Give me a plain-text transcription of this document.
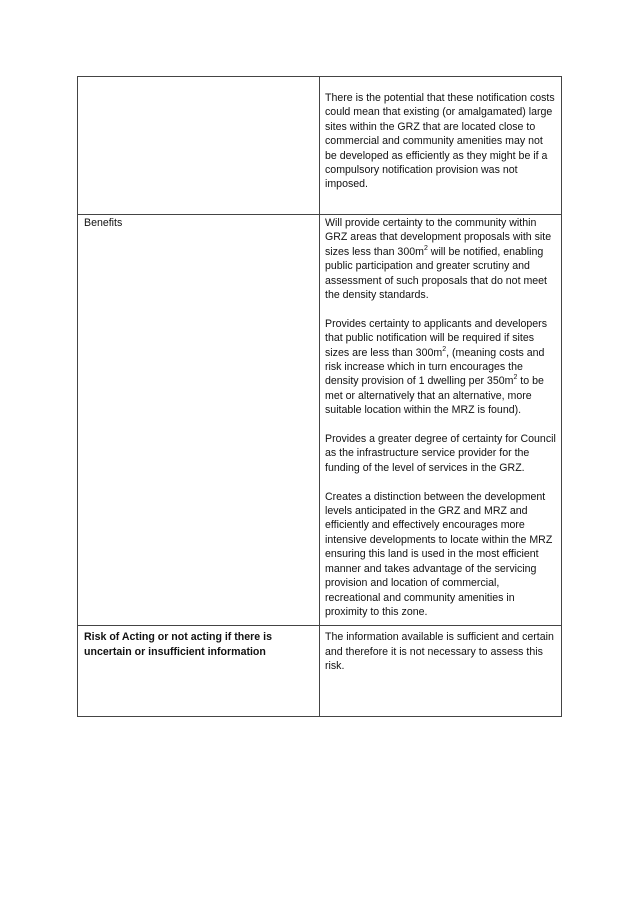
	There is the potential that these notification costs could mean that existing (or amalgamated) large sites within the GRZ that are located close to commercial and community amenities may not be developed as efficiently as they might be if a compulsory notification provision was not imposed.

Benefits	Will provide certainty to the community within GRZ areas that development proposals with site sizes less than $300m^2$ will be notified, enabling public participation and greater scrutiny and assessment of such proposals that do not meet the density standards.

Provides certainty to applicants and developers that public notification will be required if sites sizes are less than $300m^2$, (meaning costs and risk increase which in turn encourages the density provision of 1 dwelling per $350m^2$ to be met or alternatively that an alternative, more suitable location within the MRZ is found).

Provides a greater degree of certainty for Council as the infrastructure service provider for the funding of the level of services in the GRZ.

Creates a distinction between the development levels anticipated in the GRZ and MRZ and efficiently and effectively encourages more intensive developments to locate within the MRZ ensuring this land is used in the most efficient manner and takes advantage of the servicing provision and location of commercial, recreational and community amenities in proximity to this zone.

Risk of Acting or not acting if there is uncertain or insufficient information	The information available is sufficient and certain and therefore it is not necessary to assess this risk.
